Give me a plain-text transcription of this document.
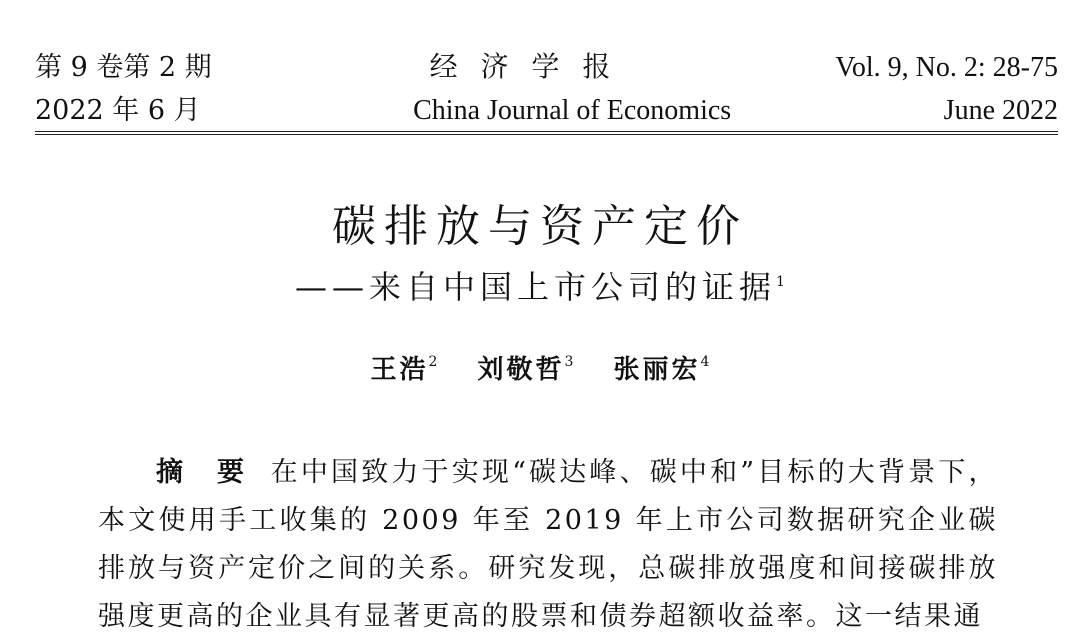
第 9 卷第 2 期	经 济 学 报	Vol. 9, No. 2: 28-75
2022 年 6 月	China Journal of Economics	June 2022
碳排放与资产定价
——来自中国上市公司的证据$^1$
王浩$^2$ 刘敬哲$^3$ 张丽宏$^4$
摘 要 在中国致力于实现“碳达峰、碳中和”目标的大背景下，本文使用手工收集的 2009 年至 2019 年上市公司数据研究企业碳排放与资产定价之间的关系。研究发现，总碳排放强度和间接碳排放强度更高的企业具有显著更高的股票和债券超额收益率。这一结果通
